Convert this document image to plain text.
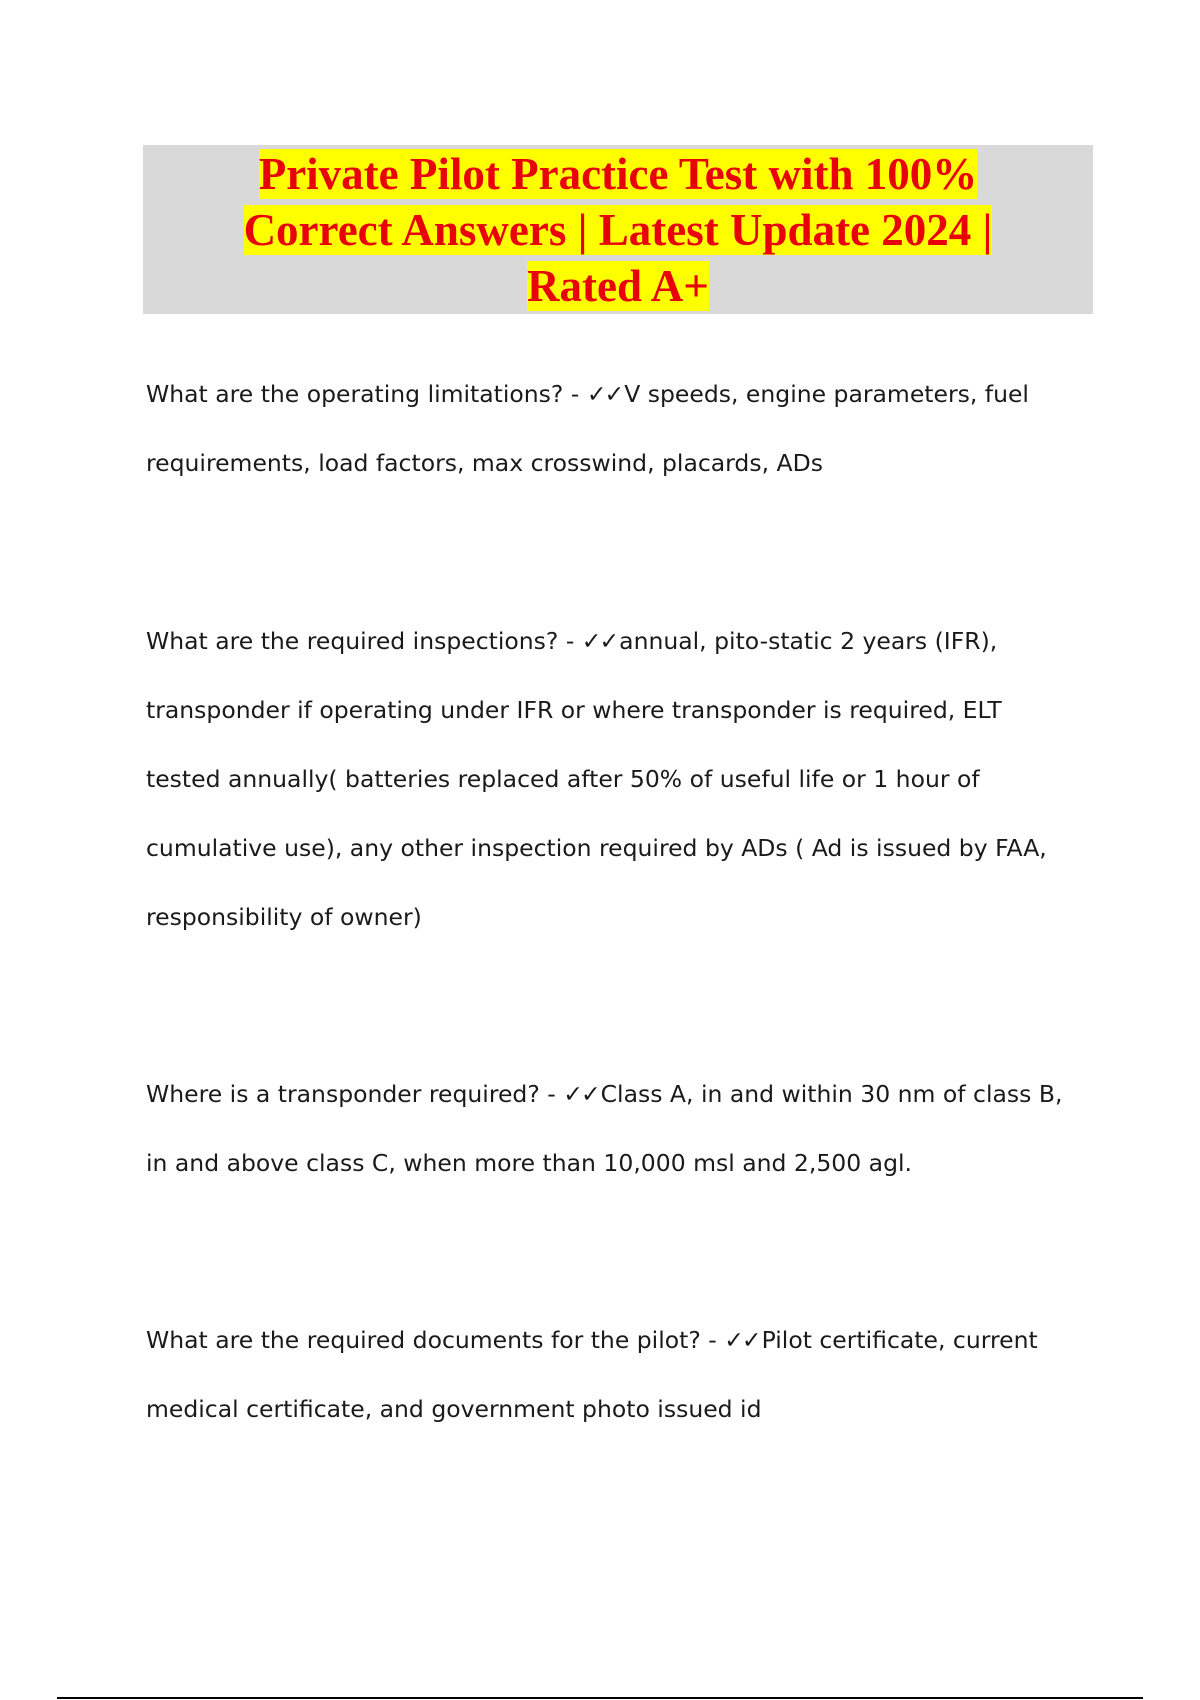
Private Pilot Practice Test with 100% Correct Answers | Latest Update 2024 | Rated A+

What are the operating limitations? - ✓✓V speeds, engine parameters, fuel requirements, load factors, max crosswind, placards, ADs

What are the required inspections? - ✓✓annual, pito-static 2 years (IFR), transponder if operating under IFR or where transponder is required, ELT tested annually( batteries replaced after 50% of useful life or 1 hour of cumulative use), any other inspection required by ADs ( Ad is issued by FAA, responsibility of owner)

Where is a transponder required? - ✓✓Class A, in and within 30 nm of class B, in and above class C, when more than 10,000 msl and 2,500 agl.

What are the required documents for the pilot? - ✓✓Pilot certificate, current medical certificate, and government photo issued id
